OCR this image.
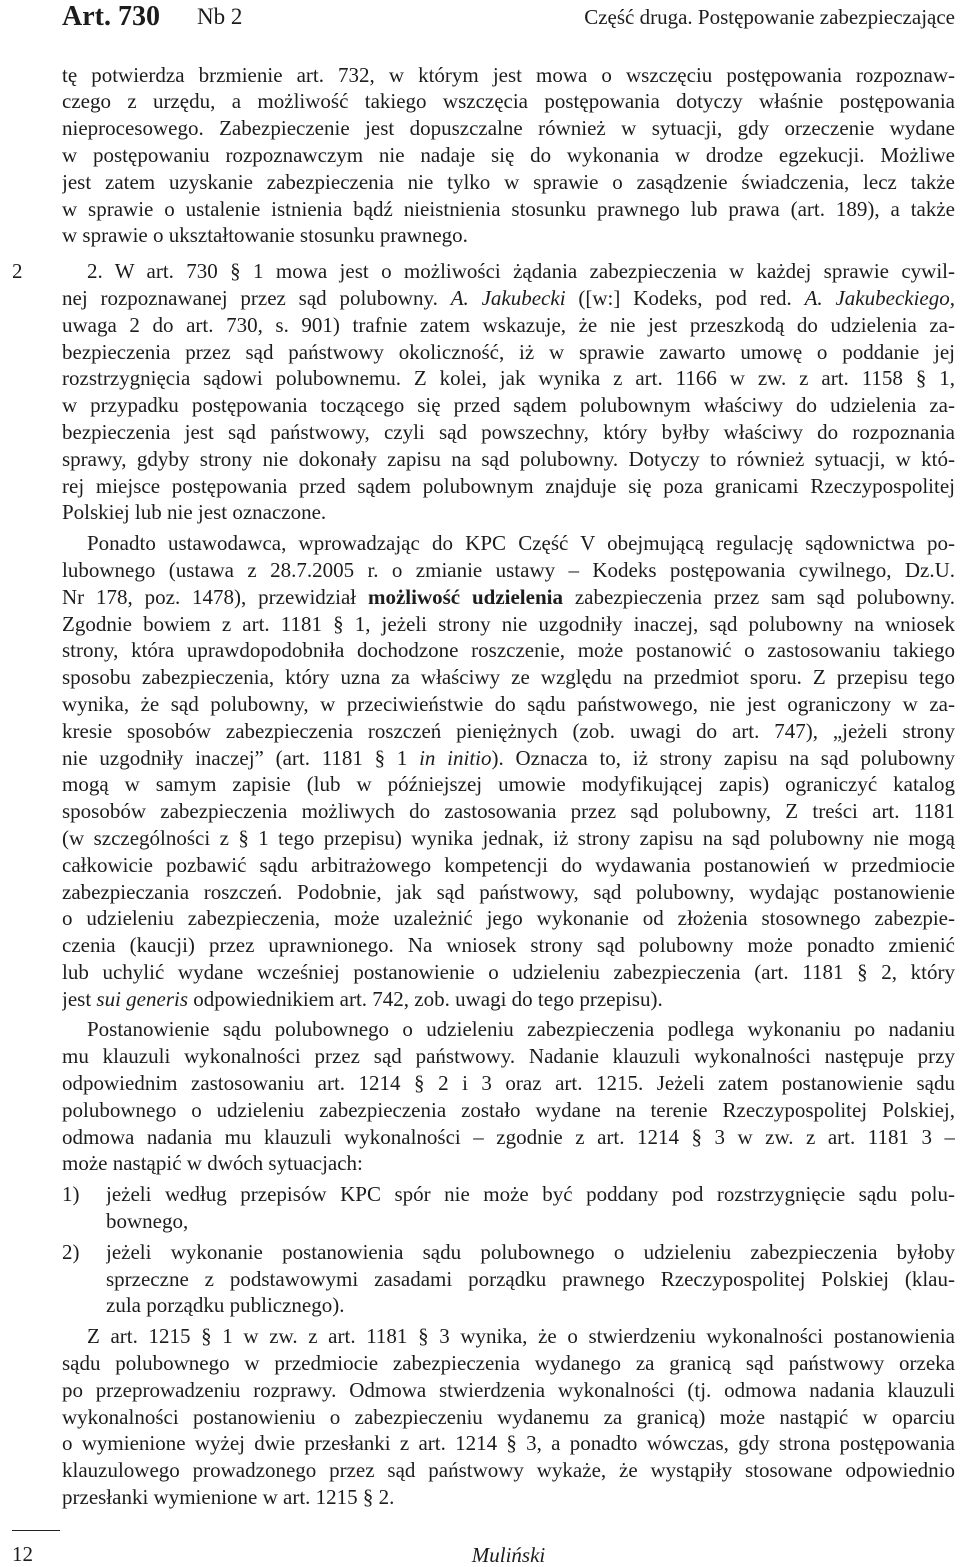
Art. 730 Nb 2	Część druga. Postępowanie zabezpieczające
tę potwierdza brzmienie art. 732, w którym jest mowa o wszczęciu postępowania rozpoznaw-
czego z urzędu, a możliwość takiego wszczęcia postępowania dotyczy właśnie postępowania
nieprocesowego. Zabezpieczenie jest dopuszczalne również w sytuacji, gdy orzeczenie wydane
w postępowaniu rozpoznawczym nie nadaje się do wykonania w drodze egzekucji. Możliwe
jest zatem uzyskanie zabezpieczenia nie tylko w sprawie o zasądzenie świadczenia, lecz także
w sprawie o ustalenie istnienia bądź nieistnienia stosunku prawnego lub prawa (art. 189), a także
w sprawie o ukształtowanie stosunku prawnego.
2	2. W art. 730 § 1 mowa jest o możliwości żądania zabezpieczenia w każdej sprawie cywil-
nej rozpoznawanej przez sąd polubowny. A. Jakubecki ([w:] Kodeks, pod red. A. Jakubeckiego,
uwaga 2 do art. 730, s. 901) trafnie zatem wskazuje, że nie jest przeszkodą do udzielenia za-
bezpieczenia przez sąd państwowy okoliczność, iż w sprawie zawarto umowę o poddanie jej
rozstrzygnięcia sądowi polubownemu. Z kolei, jak wynika z art. 1166 w zw. z art. 1158 § 1,
w przypadku postępowania toczącego się przed sądem polubownym właściwy do udzielenia za-
bezpieczenia jest sąd państwowy, czyli sąd powszechny, który byłby właściwy do rozpoznania
sprawy, gdyby strony nie dokonały zapisu na sąd polubowny. Dotyczy to również sytuacji, w któ-
rej miejsce postępowania przed sądem polubownym znajduje się poza granicami Rzeczypospolitej
Polskiej lub nie jest oznaczone.
Ponadto ustawodawca, wprowadzając do KPC Część V obejmującą regulację sądownictwa po-
lubownego (ustawa z 28.7.2005 r. o zmianie ustawy – Kodeks postępowania cywilnego, Dz.U.
Nr 178, poz. 1478), przewidział możliwość udzielenia zabezpieczenia przez sam sąd polubowny.
Zgodnie bowiem z art. 1181 § 1, jeżeli strony nie uzgodniły inaczej, sąd polubowny na wniosek
strony, która uprawdopodobniła dochodzone roszczenie, może postanowić o zastosowaniu takiego
sposobu zabezpieczenia, który uzna za właściwy ze względu na przedmiot sporu. Z przepisu tego
wynika, że sąd polubowny, w przeciwieństwie do sądu państwowego, nie jest ograniczony w za-
kresie sposobów zabezpieczenia roszczeń pieniężnych (zob. uwagi do art. 747), „jeżeli strony
nie uzgodniły inaczej” (art. 1181 § 1 in initio). Oznacza to, iż strony zapisu na sąd polubowny
mogą w samym zapisie (lub w późniejszej umowie modyfikującej zapis) ograniczyć katalog
sposobów zabezpieczenia możliwych do zastosowania przez sąd polubowny, Z treści art. 1181
(w szczególności z § 1 tego przepisu) wynika jednak, iż strony zapisu na sąd polubowny nie mogą
całkowicie pozbawić sądu arbitrażowego kompetencji do wydawania postanowień w przedmiocie
zabezpieczania roszczeń. Podobnie, jak sąd państwowy, sąd polubowny, wydając postanowienie
o udzieleniu zabezpieczenia, może uzależnić jego wykonanie od złożenia stosownego zabezpie-
czenia (kaucji) przez uprawnionego. Na wniosek strony sąd polubowny może ponadto zmienić
lub uchylić wydane wcześniej postanowienie o udzieleniu zabezpieczenia (art. 1181 § 2, który
jest sui generis odpowiednikiem art. 742, zob. uwagi do tego przepisu).
Postanowienie sądu polubownego o udzieleniu zabezpieczenia podlega wykonaniu po nadaniu
mu klauzuli wykonalności przez sąd państwowy. Nadanie klauzuli wykonalności następuje przy
odpowiednim zastosowaniu art. 1214 § 2 i 3 oraz art. 1215. Jeżeli zatem postanowienie sądu
polubownego o udzieleniu zabezpieczenia zostało wydane na terenie Rzeczypospolitej Polskiej,
odmowa nadania mu klauzuli wykonalności – zgodnie z art. 1214 § 3 w zw. z art. 1181 3 –
może nastąpić w dwóch sytuacjach:
1) jeżeli według przepisów KPC spór nie może być poddany pod rozstrzygnięcie sądu polu-
bownego,
2) jeżeli wykonanie postanowienia sądu polubownego o udzieleniu zabezpieczenia byłoby
sprzeczne z podstawowymi zasadami porządku prawnego Rzeczypospolitej Polskiej (klau-
zula porządku publicznego).
Z art. 1215 § 1 w zw. z art. 1181 § 3 wynika, że o stwierdzeniu wykonalności postanowienia
sądu polubownego w przedmiocie zabezpieczenia wydanego za granicą sąd państwowy orzeka
po przeprowadzeniu rozprawy. Odmowa stwierdzenia wykonalności (tj. odmowa nadania klauzuli
wykonalności postanowieniu o zabezpieczeniu wydanemu za granicą) może nastąpić w oparciu
o wymienione wyżej dwie przesłanki z art. 1214 § 3, a ponadto wówczas, gdy strona postępowania
klauzulowego prowadzonego przez sąd państwowy wykaże, że wystąpiły stosowane odpowiednio
przesłanki wymienione w art. 1215 § 2.
12	Muliński
